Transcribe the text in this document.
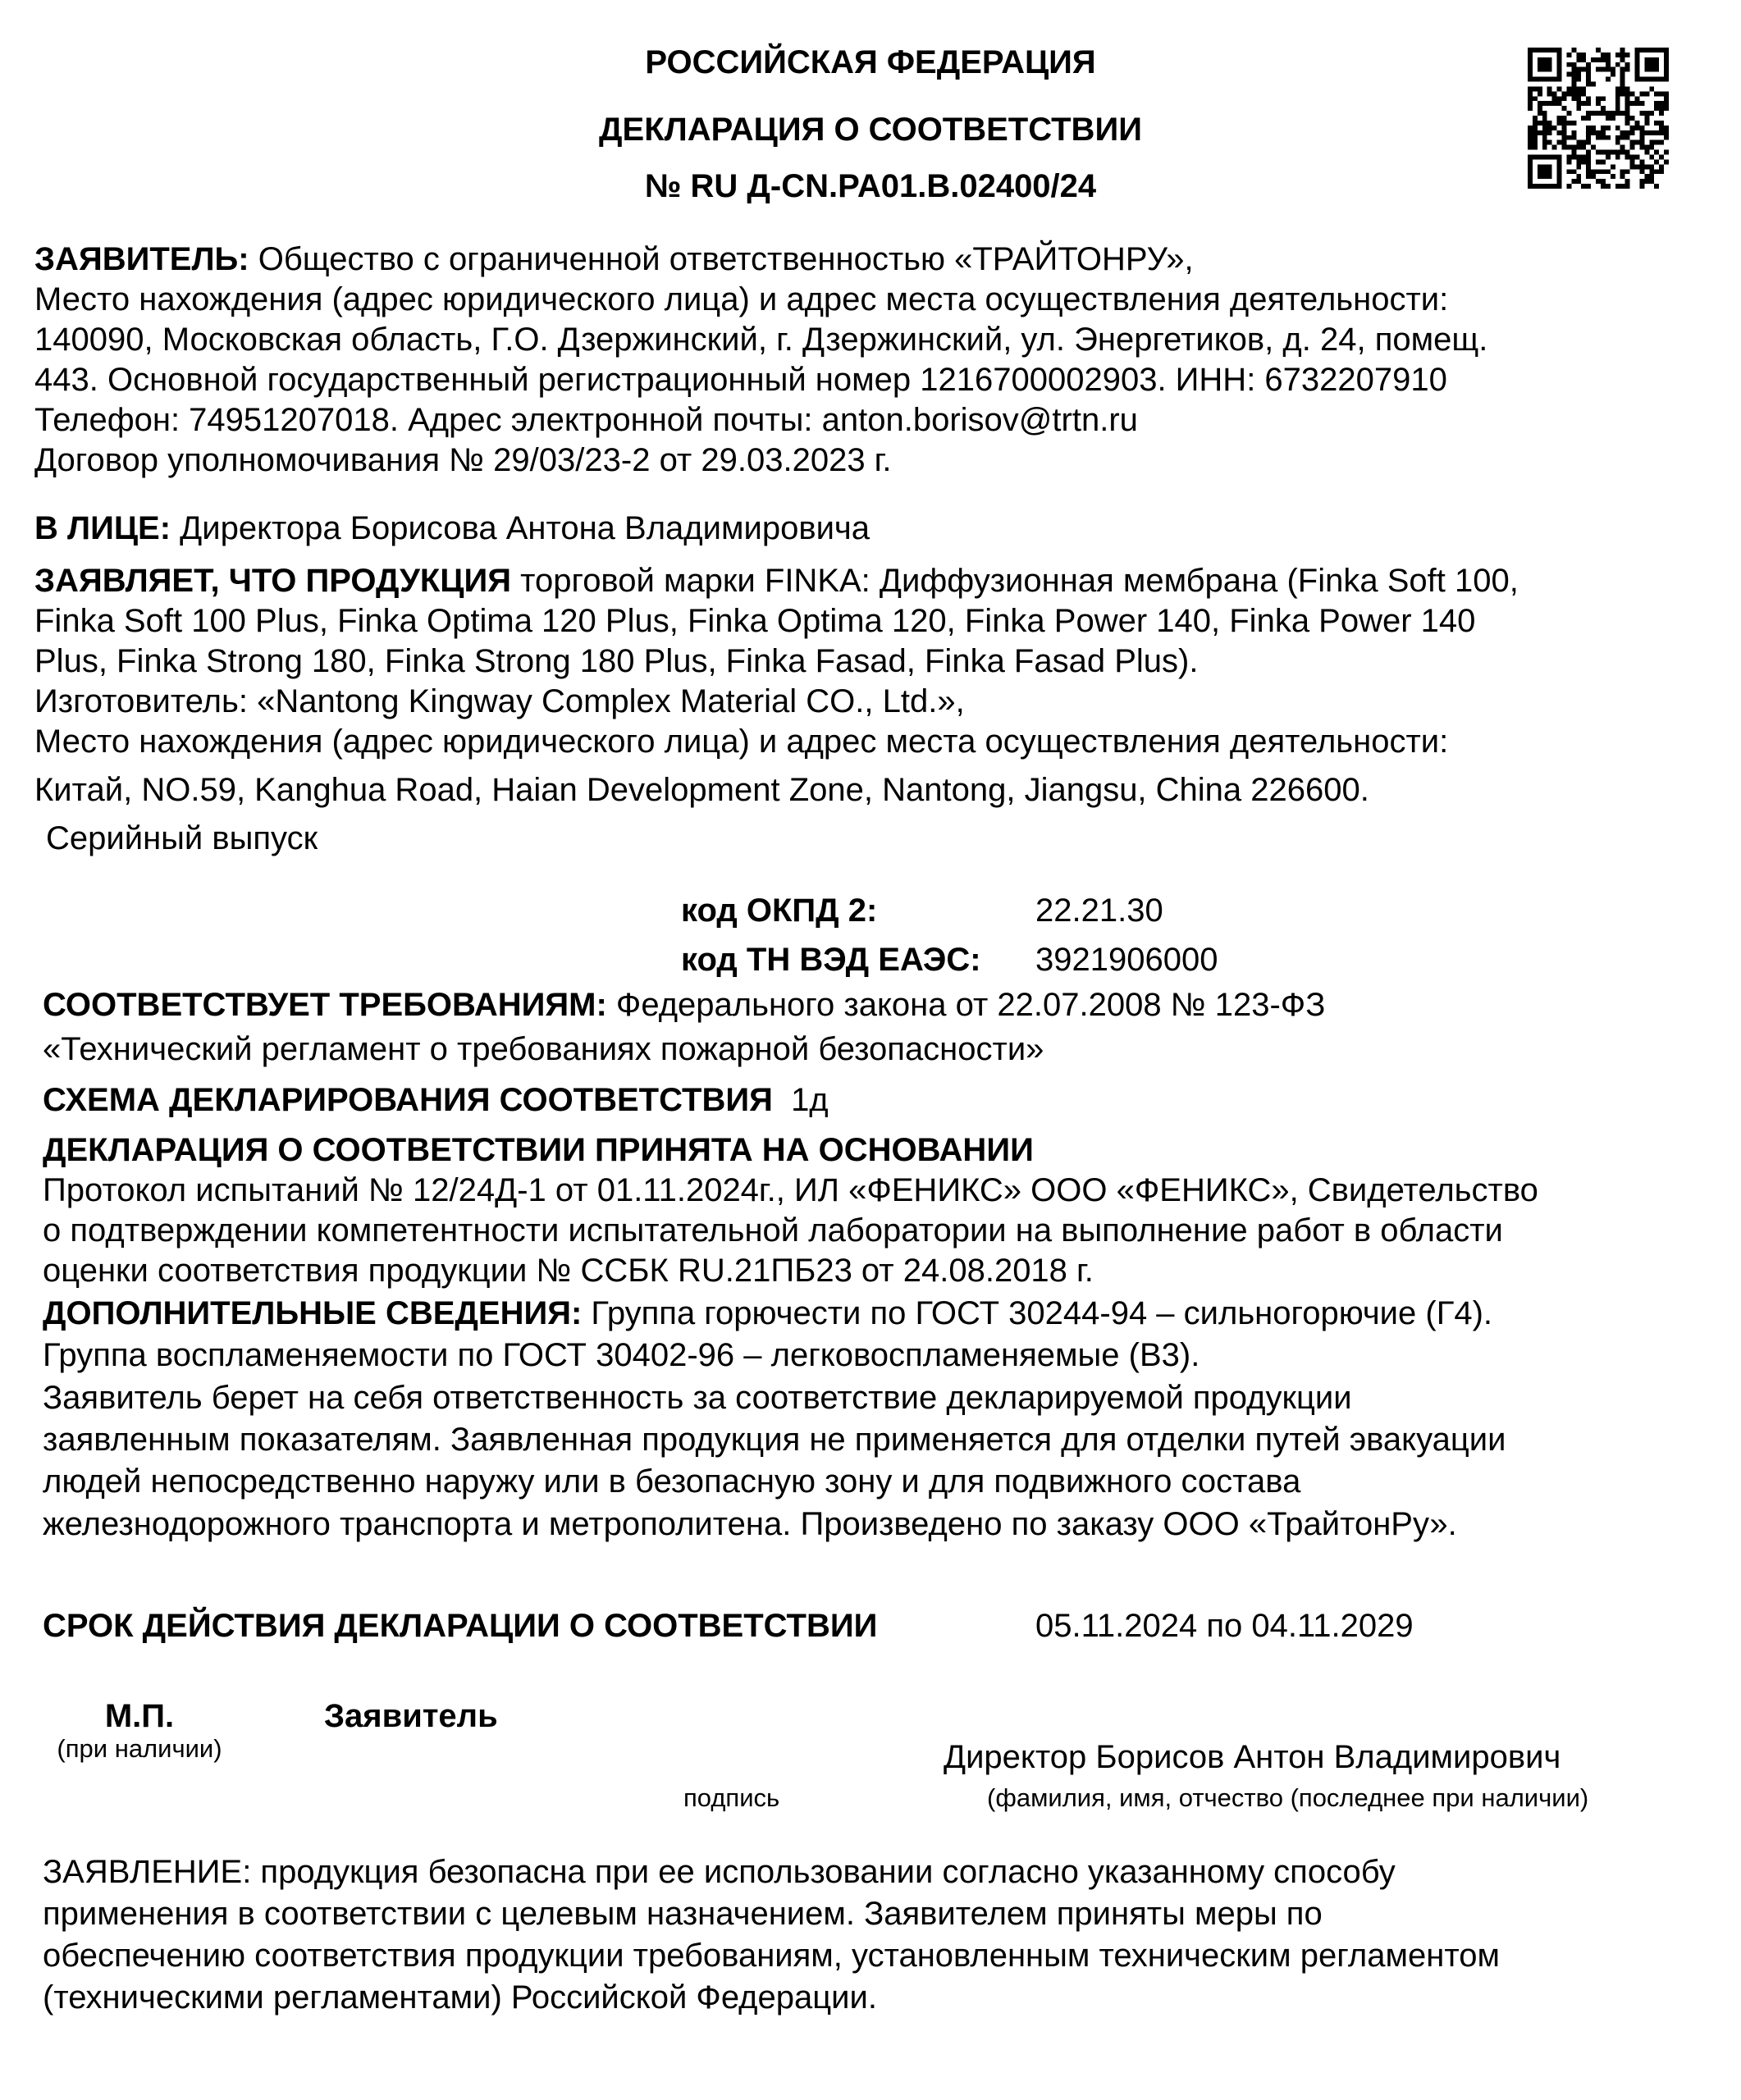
РОССИЙСКАЯ ФЕДЕРАЦИЯ
ДЕКЛАРАЦИЯ О СООТВЕТСТВИИ
№ RU Д-CN.PA01.B.02400/24
ЗАЯВИТЕЛЬ: Общество с ограниченной ответственностью «ТРАЙТОНРУ»,
Место нахождения (адрес юридического лица) и адрес места осуществления деятельности:
140090, Московская область, Г.О. Дзержинский, г. Дзержинский, ул. Энергетиков, д. 24, помещ.
443. Основной государственный регистрационный номер 1216700002903. ИНН: 6732207910
Телефон: 74951207018. Адрес электронной почты: anton.borisov@trtn.ru
Договор уполномочивания № 29/03/23-2 от 29.03.2023 г.
В ЛИЦЕ: Директора Борисова Антона Владимировича
ЗАЯВЛЯЕТ, ЧТО ПРОДУКЦИЯ торговой марки FINKA: Диффузионная мембрана (Finka Soft 100,
Finka Soft 100 Plus, Finka Optima 120 Plus, Finka Optima 120, Finka Power 140, Finka Power 140
Plus, Finka Strong 180, Finka Strong 180 Plus, Finka Fasad, Finka Fasad Plus).
Изготовитель: «Nantong Kingway Complex Material CO., Ltd.»,
Место нахождения (адрес юридического лица) и адрес места осуществления деятельности:
Китай, NO.59, Kanghua Road, Haian Development Zone, Nantong, Jiangsu, China 226600.
Серийный выпуск
код ОКПД 2:	22.21.30
код ТН ВЭД ЕАЭС: 3921906000
СООТВЕТСТВУЕТ ТРЕБОВАНИЯМ: Федерального закона от 22.07.2008 № 123-ФЗ
«Технический регламент о требованиях пожарной безопасности»
СХЕМА ДЕКЛАРИРОВАНИЯ СООТВЕТСТВИЯ 1д
ДЕКЛАРАЦИЯ О СООТВЕТСТВИИ ПРИНЯТА НА ОСНОВАНИИ
Протокол испытаний № 12/24Д-1 от 01.11.2024г., ИЛ «ФЕНИКС» ООО «ФЕНИКС», Свидетельство
о подтверждении компетентности испытательной лаборатории на выполнение работ в области
оценки соответствия продукции № ССБК RU.21ПБ23 от 24.08.2018 г.
ДОПОЛНИТЕЛЬНЫЕ СВЕДЕНИЯ: Группа горючести по ГОСТ 30244-94 – сильногорючие (Г4).
Группа воспламеняемости по ГОСТ 30402-96 – легковоспламеняемые (В3).
Заявитель берет на себя ответственность за соответствие декларируемой продукции
заявленным показателям. Заявленная продукция не применяется для отделки путей эвакуации
людей непосредственно наружу или в безопасную зону и для подвижного состава
железнодорожного транспорта и метрополитена. Произведено по заказу ООО «ТрайтонРу».
СРОК ДЕЙСТВИЯ ДЕКЛАРАЦИИ О СООТВЕТСТВИИ	05.11.2024 по 04.11.2029
М.П.
(при наличии)
Заявитель
Директор Борисов Антон Владимирович
подпись	(фамилия, имя, отчество (последнее при наличии)
ЗАЯВЛЕНИЕ: продукция безопасна при ее использовании согласно указанному способу
применения в соответствии с целевым назначением. Заявителем приняты меры по
обеспечению соответствия продукции требованиям, установленным техническим регламентом
(техническими регламентами) Российской Федерации.
